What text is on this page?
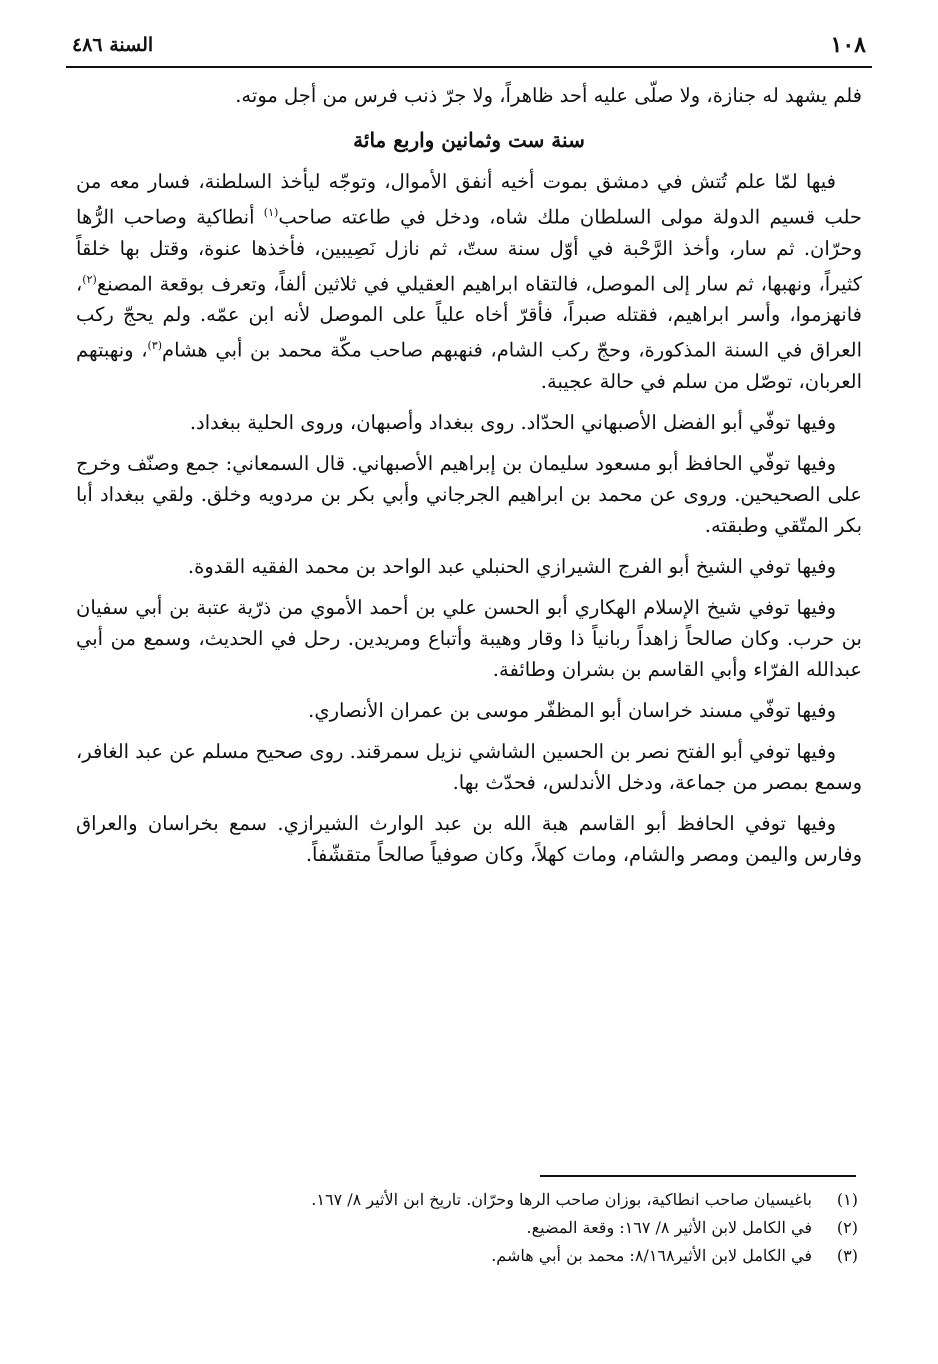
١٠٨
السنة ٤٨٦

فلم يشهد له جنازة، ولا صلّى عليه أحد ظاهراً، ولا جرّ ذنب فرس من أجل موته.

سنة ست وثمانين واربع مائة

فيها لمّا علم تُتش في دمشق بموت أخيه أنفق الأموال، وتوجّه ليأخذ السلطنة، فسار معه من حلب قسيم الدولة مولى السلطان ملك شاه، ودخل في طاعته صاحب$^{(١)}$ أنطاكية وصاحب الرُّها وحرّان. ثم سار، وأخذ الرَّحْبة في أوّل سنة ستّ، ثم نازل نَصِيبين، فأخذها عنوة، وقتل بها خلقاً كثيراً، ونهبها، ثم سار إلى الموصل، فالتقاه ابراهيم العقيلي في ثلاثين ألفاً، وتعرف بوقعة المصنع$^{(٢)}$، فانهزموا، وأسر ابراهيم، فقتله صبراً، فأقرّ أخاه علياً على الموصل لأنه ابن عمّه. ولم يحجّ ركب العراق في السنة المذكورة، وحجّ ركب الشام، فنهبهم صاحب مكّة محمد بن أبي هشام$^{(٣)}$، ونهبتهم العربان، توصّل من سلم في حالة عجيبة.

وفيها توفّي أبو الفضل الأصبهاني الحدّاد. روى ببغداد وأصبهان، وروى الحلية ببغداد.

وفيها توفّي الحافظ أبو مسعود سليمان بن إبراهيم الأصبهاني. قال السمعاني: جمع وصنّف وخرج على الصحيحين. وروى عن محمد بن ابراهيم الجرجاني وأبي بكر بن مردويه وخلق. ولقي ببغداد أبا بكر المتّقي وطبقته.

وفيها توفي الشيخ أبو الفرج الشيرازي الحنبلي عبد الواحد بن محمد الفقيه القدوة.

وفيها توفي شيخ الإسلام الهكاري أبو الحسن علي بن أحمد الأموي من ذرّية عتبة بن أبي سفيان بن حرب. وكان صالحاً زاهداً ربانياً ذا وقار وهيبة وأتباع ومريدين. رحل في الحديث، وسمع من أبي عبدالله الفرّاء وأبي القاسم بن بشران وطائفة.

وفيها توفّي مسند خراسان أبو المظفّر موسى بن عمران الأنصاري.

وفيها توفي أبو الفتح نصر بن الحسين الشاشي نزيل سمرقند. روى صحيح مسلم عن عبد الغافر، وسمع بمصر من جماعة، ودخل الأندلس، فحدّث بها.

وفيها توفي الحافظ أبو القاسم هبة الله بن عبد الوارث الشيرازي. سمع بخراسان والعراق وفارس واليمن ومصر والشام، ومات كهلاً، وكان صوفياً صالحاً متقشّفاً.

(١)
باغيسيان صاحب انطاكية، بوزان صاحب الرها وحرّان. تاريخ ابن الأثير ٨/ ١٦٧.
(٢)
في الكامل لابن الأثير ٨/ ١٦٧: وقعة المضيع.
(٣)
في الكامل لابن الأثير٨/١٦٨: محمد بن أبي هاشم.
